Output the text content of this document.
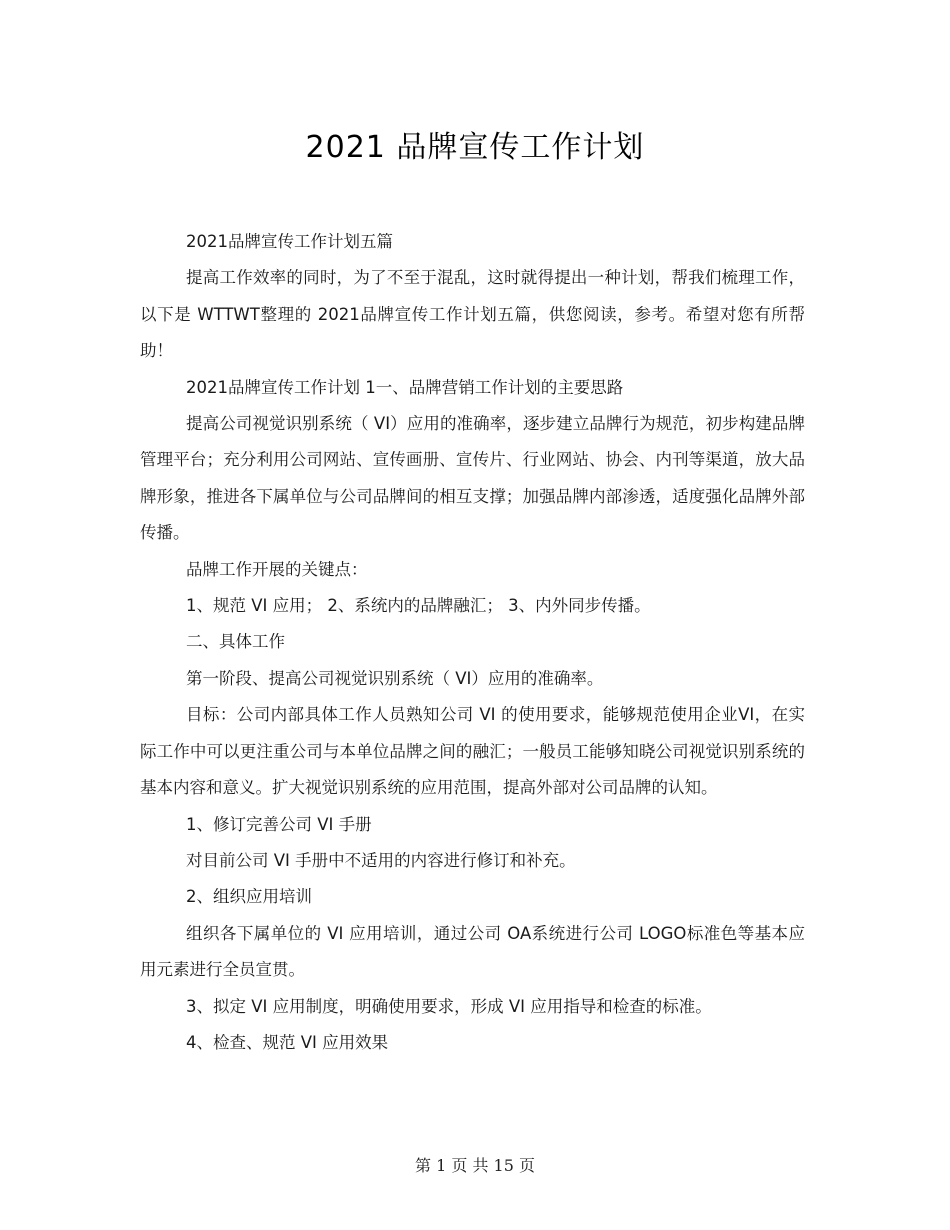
2021 品牌宣传工作计划

2021品牌宣传工作计划五篇

提高工作效率的同时，为了不至于混乱，这时就得提出一种计划，帮我们梳理工作，以下是 WTTWT整理的 2021品牌宣传工作计划五篇，供您阅读，参考。希望对您有所帮助！

2021品牌宣传工作计划 1一、品牌营销工作计划的主要思路

提高公司视觉识别系统（ VI）应用的准确率，逐步建立品牌行为规范，初步构建品牌管理平台；充分利用公司网站、宣传画册、宣传片、行业网站、协会、内刊等渠道，放大品牌形象，推进各下属单位与公司品牌间的相互支撑；加强品牌内部渗透，适度强化品牌外部传播。

品牌工作开展的关键点：

1、规范 VI 应用； 2、系统内的品牌融汇； 3、内外同步传播。

二、具体工作

第一阶段、提高公司视觉识别系统（ VI）应用的准确率。

目标：公司内部具体工作人员熟知公司 VI 的使用要求，能够规范使用企业VI，在实际工作中可以更注重公司与本单位品牌之间的融汇；一般员工能够知晓公司视觉识别系统的基本内容和意义。扩大视觉识别系统的应用范围，提高外部对公司品牌的认知。

1、修订完善公司 VI 手册

对目前公司 VI 手册中不适用的内容进行修订和补充。

2、组织应用培训

组织各下属单位的 VI 应用培训，通过公司 OA系统进行公司 LOGO标准色等基本应用元素进行全员宣贯。

3、拟定 VI 应用制度，明确使用要求，形成 VI 应用指导和检查的标准。

4、检查、规范 VI 应用效果

第 1 页 共 15 页
